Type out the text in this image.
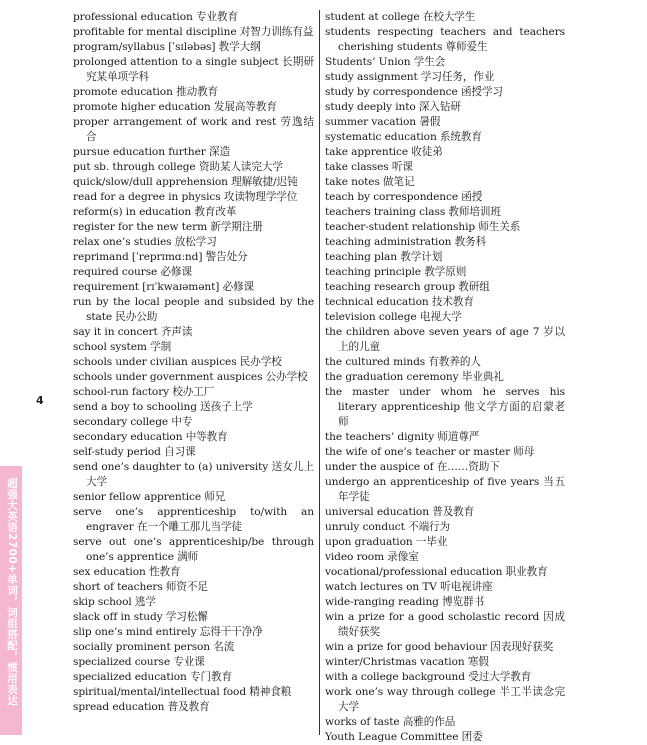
professional education 专业教育
profitable for mental discipline 对智力训练有益
program/syllabus [ˈsɪləbəs] 教学大纲
prolonged attention to a single subject 长期研究某单项学科
promote education 推动教育
promote higher education 发展高等教育
proper arrangement of work and rest 劳逸结合
pursue education further 深造
put sb. through college 资助某人读完大学
quick/slow/dull apprehension 理解敏捷/迟钝
read for a degree in physics 攻读物理学学位
reform(s) in education 教育改革
register for the new term 新学期注册
relax one’s studies 放松学习
reprimand [ˈreprɪmɑːnd] 警告处分
required course 必修课
requirement [rɪˈkwaɪəmənt] 必修课
run by the local people and subsided by the state 民办公助
say it in concert 齐声读
school system 学制
schools under civilian auspices 民办学校
schools under government auspices 公办学校
school-run factory 校办工厂
send a boy to schooling 送孩子上学
secondary college 中专
secondary education 中等教育
self-study period 自习课
send one’s daughter to (a) university 送女儿上大学
senior fellow apprentice 师兄
serve one’s apprenticeship to/with an engraver 在一个雕工那儿当学徒
serve out one’s apprenticeship/be through one’s apprentice 满师
sex education 性教育
short of teachers 师资不足
skip school 逃学
slack off in study 学习松懈
slip one’s mind entirely 忘得干干净净
socially prominent person 名流
specialized course 专业课
specialized education 专门教育
spiritual/mental/intellectual food 精神食粮
spread education 普及教育
student at college 在校大学生
students respecting teachers and teachers cherishing students 尊师爱生
Students’ Union 学生会
study assignment 学习任务，作业
study by correspondence 函授学习
study deeply into 深入钻研
summer vacation 暑假
systematic education 系统教育
take apprentice 收徒弟
take classes 听课
take notes 做笔记
teach by correspondence 函授
teachers training class 教师培训班
teacher-student relationship 师生关系
teaching administration 教务科
teaching plan 教学计划
teaching principle 教学原则
teaching research group 教研组
technical education 技术教育
television college 电视大学
the children above seven years of age 7 岁以上的儿童
the cultured minds 有教养的人
the graduation ceremony 毕业典礼
the master under whom he serves his literary apprenticeship 他文学方面的启蒙老师
the teachers’ dignity 师道尊严
the wife of one’s teacher or master 师母
under the auspice of 在……资助下
undergo an apprenticeship of five years 当五年学徒
universal education 普及教育
unruly conduct 不端行为
upon graduation 一毕业
video room 录像室
vocational/professional education 职业教育
watch lectures on TV 听电视讲座
wide-ranging reading 博览群书
win a prize for a good scholastic record 因成绩好获奖
win a prize for good behaviour 因表现好获奖
winter/Christmas vacation 寒假
with a college background 受过大学教育
work one’s way through college 半工半读念完大学
works of taste 高雅的作品
Youth League Committee 团委
4
超强大英语2700+单词，词组搭配，惯用表达
